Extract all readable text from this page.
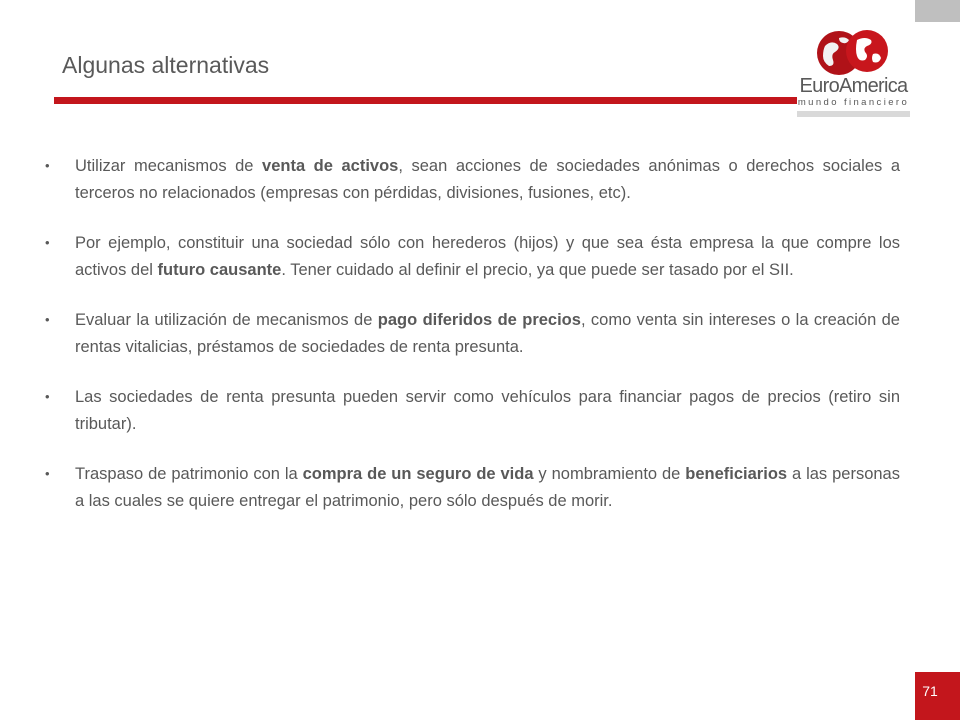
Algunas alternativas
EuroAmerica
mundo financiero
• Utilizar mecanismos de venta de activos, sean acciones de sociedades anónimas o derechos sociales a terceros no relacionados (empresas con pérdidas, divisiones, fusiones, etc).
• Por ejemplo, constituir una sociedad sólo con herederos (hijos) y que sea ésta empresa la que compre los activos del futuro causante. Tener cuidado al definir el precio, ya que puede ser tasado por el SII.
• Evaluar la utilización de mecanismos de pago diferidos de precios, como venta sin intereses o la creación de rentas vitalicias, préstamos de sociedades de renta presunta.
• Las sociedades de renta presunta pueden servir como vehículos para financiar pagos de precios (retiro sin tributar).
• Traspaso de patrimonio con la compra de un seguro de vida y nombramiento de beneficiarios a las personas a las cuales se quiere entregar el patrimonio, pero sólo después de morir.
71
